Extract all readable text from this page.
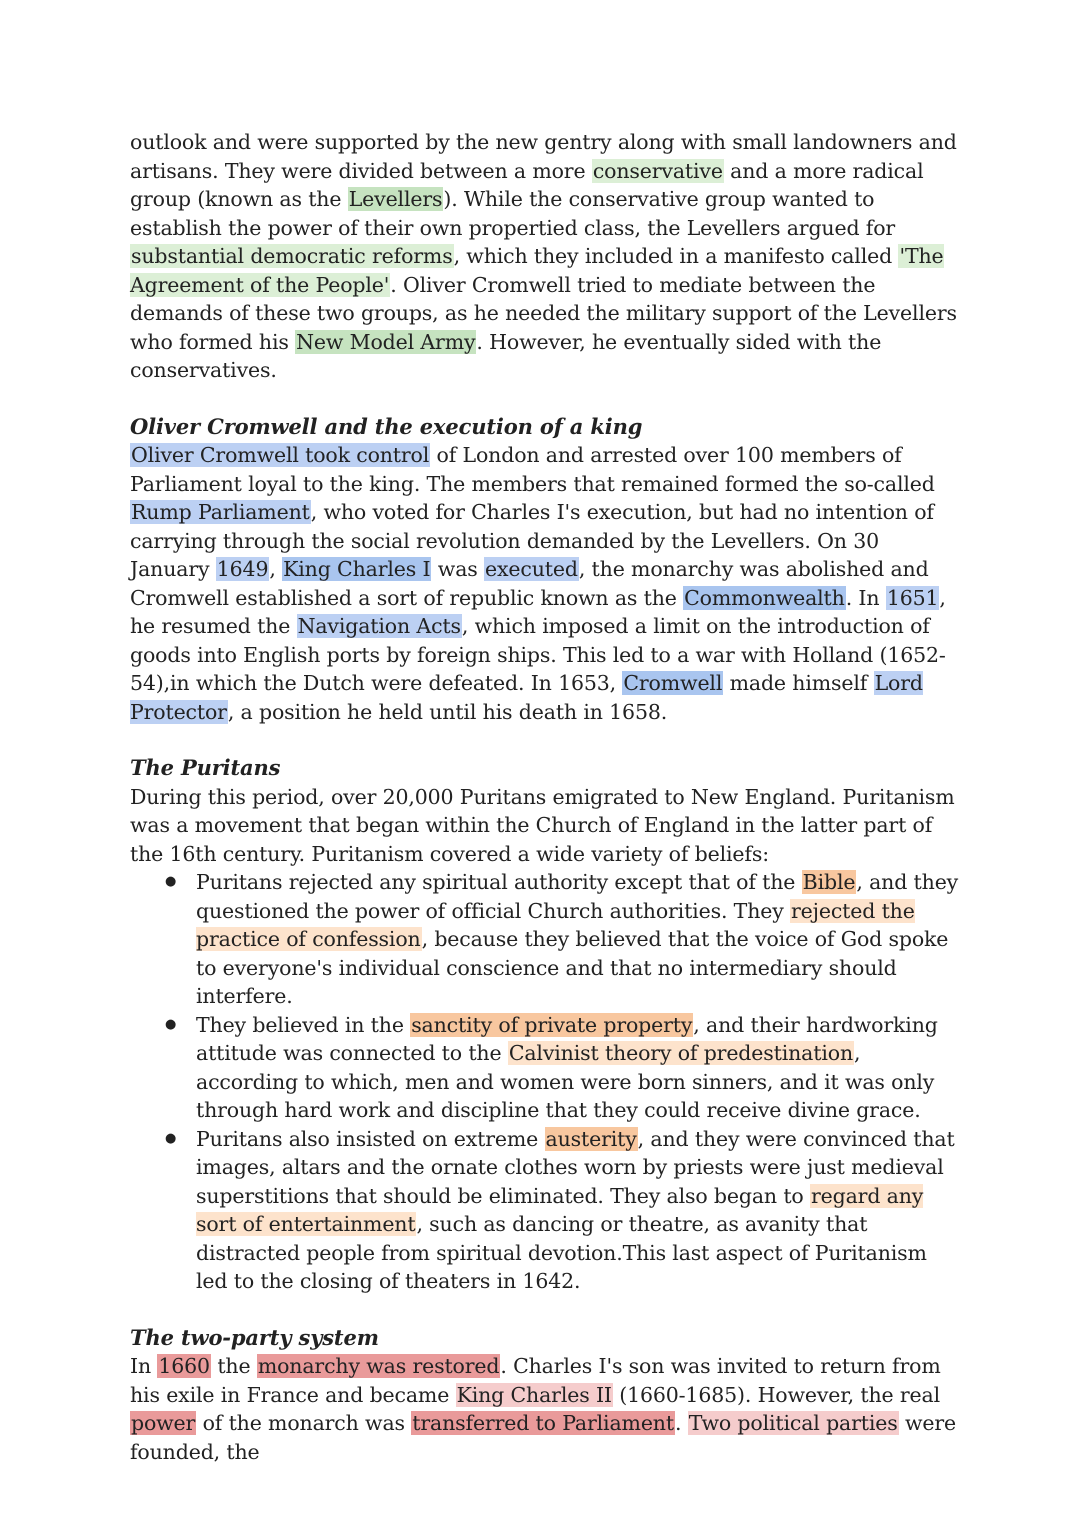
outlook and were supported by the new gentry along with small landowners and artisans. They were divided between a more conservative and a more radical group (known as the Levellers). While the conservative group wanted to establish the power of their own propertied class, the Levellers argued for substantial democratic reforms, which they included in a manifesto called 'The Agreement of the People'. Oliver Cromwell tried to mediate between the demands of these two groups, as he needed the military support of the Levellers who formed his New Model Army. However, he eventually sided with the conservatives.

Oliver Cromwell and the execution of a king

Oliver Cromwell took control of London and arrested over 100 members of Parliament loyal to the king. The members that remained formed the so-called Rump Parliament, who voted for Charles I's execution, but had no intention of carrying through the social revolution demanded by the Levellers. On 30 January 1649, King Charles I was executed, the monarchy was abolished and Cromwell established a sort of republic known as the Commonwealth. In 1651, he resumed the Navigation Acts, which imposed a limit on the introduction of goods into English ports by foreign ships. This led to a war with Holland (1652-54),in which the Dutch were defeated. In 1653, Cromwell made himself Lord Protector, a position he held until his death in 1658.

The Puritans

During this period, over 20,000 Puritans emigrated to New England. Puritanism was a movement that began within the Church of England in the latter part of the 16th century. Puritanism covered a wide variety of beliefs:

● Puritans rejected any spiritual authority except that of the Bible, and they questioned the power of official Church authorities. They rejected the practice of confession, because they believed that the voice of God spoke to everyone's individual conscience and that no intermediary should interfere.
● They believed in the sanctity of private property, and their hardworking attitude was connected to the Calvinist theory of predestination, according to which, men and women were born sinners, and it was only through hard work and discipline that they could receive divine grace.
● Puritans also insisted on extreme austerity, and they were convinced that images, altars and the ornate clothes worn by priests were just medieval superstitions that should be eliminated. They also began to regard any sort of entertainment, such as dancing or theatre, as avanity that distracted people from spiritual devotion.This last aspect of Puritanism led to the closing of theaters in 1642.
The two-party system

In 1660 the monarchy was restored. Charles I's son was invited to return from his exile in France and became King Charles II (1660-1685). However, the real power of the monarch was transferred to Parliament. Two political parties were founded, the
